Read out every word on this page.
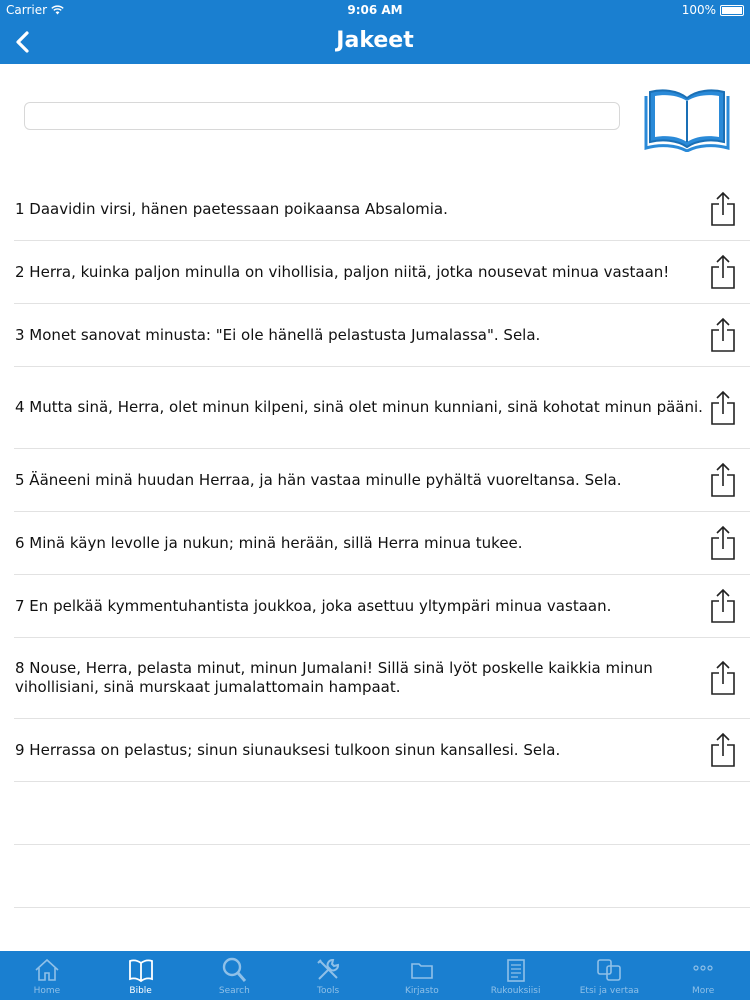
Carrier	9:06 AM	100%
Jakeet
1 Daavidin virsi, hänen paetessaan poikaansa Absalomia.
2 Herra, kuinka paljon minulla on vihollisia, paljon niitä, jotka nousevat minua vastaan!
3 Monet sanovat minusta: "Ei ole hänellä pelastusta Jumalassa". Sela.
4 Mutta sinä, Herra, olet minun kilpeni, sinä olet minun kunniani, sinä kohotat minun pääni.
5 Ääneeni minä huudan Herraa, ja hän vastaa minulle pyhältä vuoreltansa. Sela.
6 Minä käyn levolle ja nukun; minä herään, sillä Herra minua tukee.
7 En pelkää kymmentuhantista joukkoa, joka asettuu yltympäri minua vastaan.
8 Nouse, Herra, pelasta minut, minun Jumalani! Sillä sinä lyöt poskelle kaikkia minun vihollisiani, sinä murskaat jumalattomain hampaat.
9 Herrassa on pelastus; sinun siunauksesi tulkoon sinun kansallesi. Sela.
Home	Bible	Search	Tools	Kirjasto	Rukouksiisi	Etsi ja vertaa	More
